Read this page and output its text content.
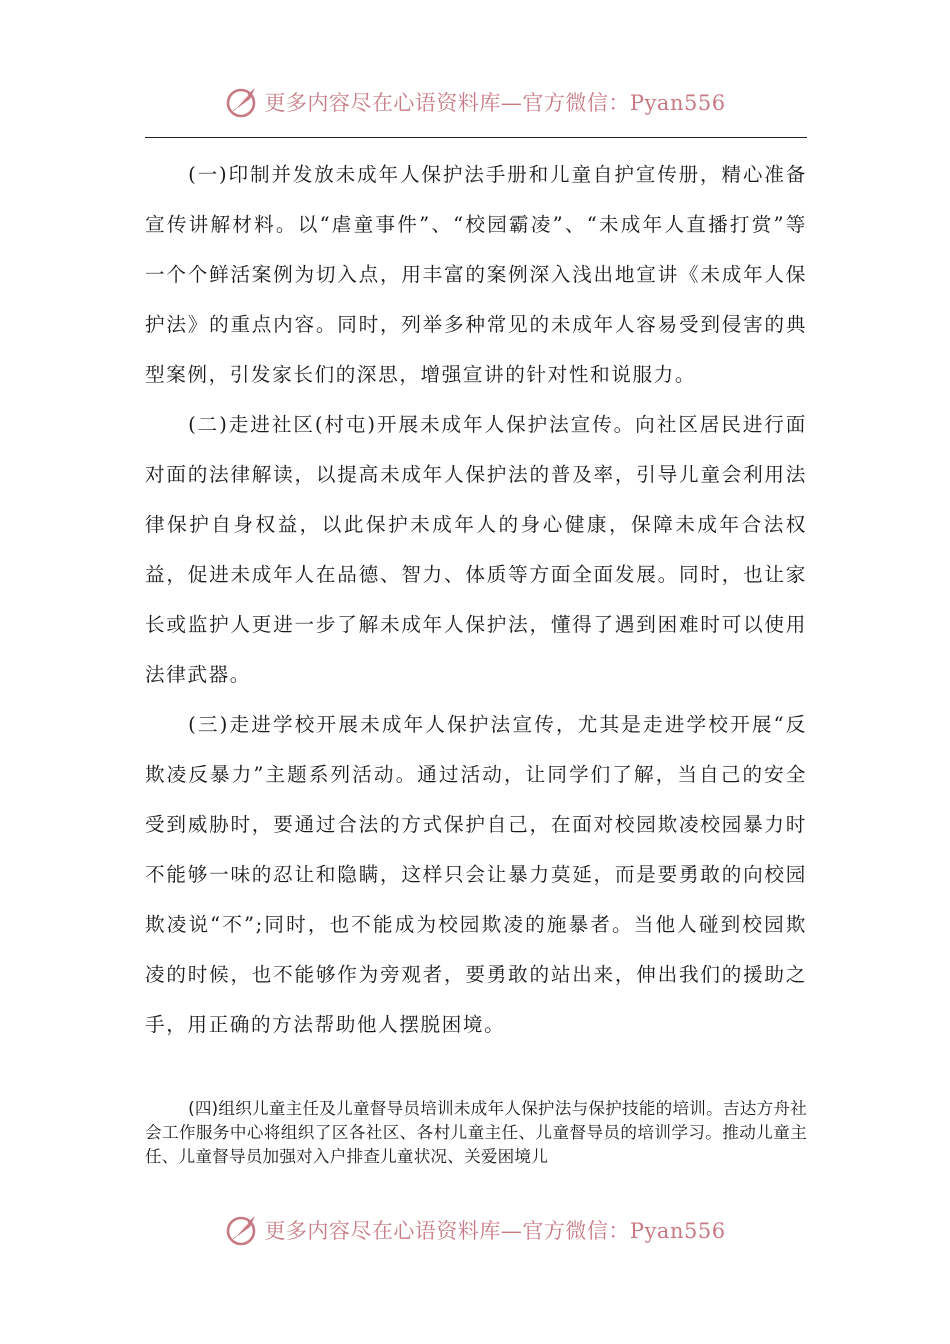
更多内容尽在心语资料库—官方微信：Pyan556

(一)印制并发放未成年人保护法手册和儿童自护宣传册，精心准备宣传讲解材料。以“虐童事件”、“校园霸凌”、“未成年人直播打赏”等一个个鲜活案例为切入点，用丰富的案例深入浅出地宣讲《未成年人保护法》的重点内容。同时，列举多种常见的未成年人容易受到侵害的典型案例，引发家长们的深思，增强宣讲的针对性和说服力。

(二)走进社区(村屯)开展未成年人保护法宣传。向社区居民进行面对面的法律解读，以提高未成年人保护法的普及率，引导儿童会利用法律保护自身权益，以此保护未成年人的身心健康，保障未成年合法权益，促进未成年人在品德、智力、体质等方面全面发展。同时，也让家长或监护人更进一步了解未成年人保护法，懂得了遇到困难时可以使用法律武器。

(三)走进学校开展未成年人保护法宣传，尤其是走进学校开展“反欺凌反暴力”主题系列活动。通过活动，让同学们了解，当自己的安全受到威胁时，要通过合法的方式保护自己，在面对校园欺凌校园暴力时不能够一味的忍让和隐瞒，这样只会让暴力莫延，而是要勇敢的向校园欺凌说“不”;同时，也不能成为校园欺凌的施暴者。当他人碰到校园欺凌的时候，也不能够作为旁观者，要勇敢的站出来，伸出我们的援助之手，用正确的方法帮助他人摆脱困境。

(四)组织儿童主任及儿童督导员培训未成年人保护法与保护技能的培训。吉达方舟社会工作服务中心将组织了区各社区、各村儿童主任、儿童督导员的培训学习。推动儿童主任、儿童督导员加强对入户排查儿童状况、关爱困境儿

更多内容尽在心语资料库—官方微信：Pyan556
